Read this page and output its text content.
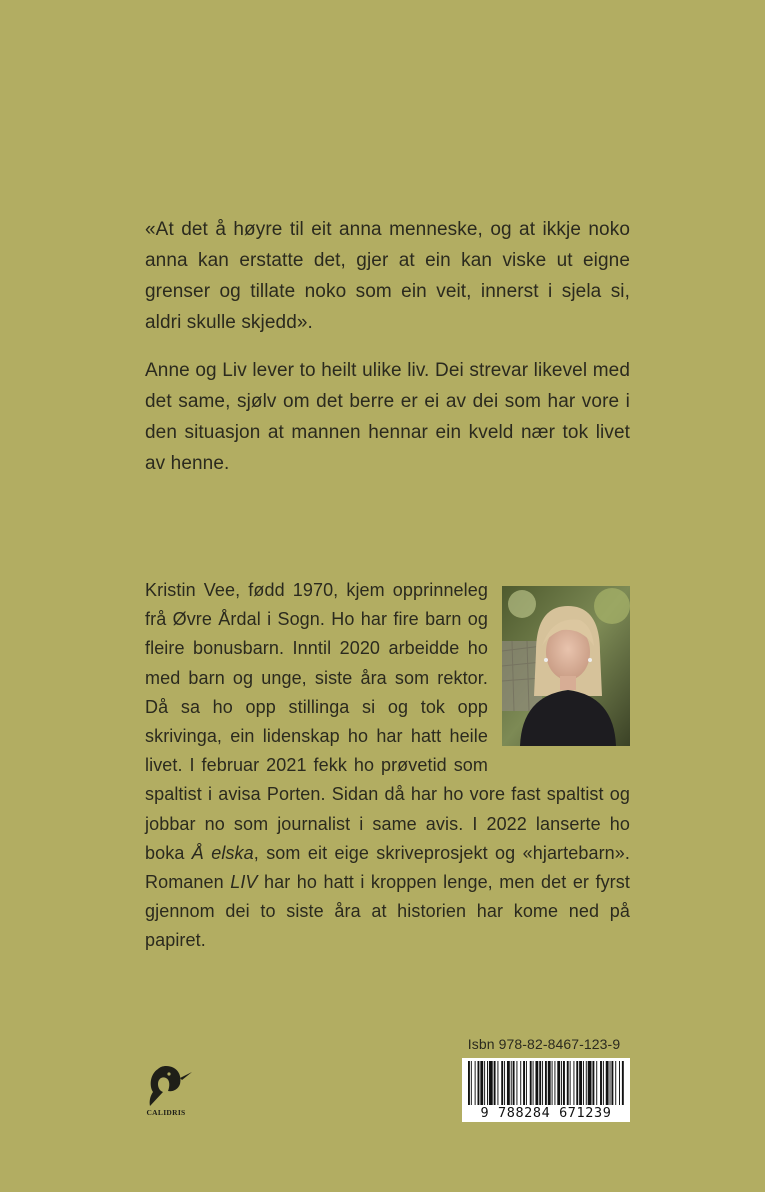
«At det å høyre til eit anna menneske, og at ikkje noko anna kan erstatte det, gjer at ein kan viske ut eigne grenser og tillate noko som ein veit, innerst i sjela si, aldri skulle skjedd».

Anne og Liv lever to heilt ulike liv. Dei strevar likevel med det same, sjølv om det berre er ei av dei som har vore i den situasjon at mannen hennar ein kveld nær tok livet av henne.

Kristin Vee, fødd 1970, kjem opprinneleg frå Øvre Årdal i Sogn. Ho har fire barn og fleire bonusbarn. Inntil 2020 arbeidde ho med barn og unge, siste åra som rektor. Då sa ho opp stillinga si og tok opp skrivinga, ein lidenskap ho har hatt heile livet. I februar 2021 fekk ho prøvetid som spaltist i avisa Porten. Sidan då har ho vore fast spaltist og jobbar no som journalist i same avis. I 2022 lanserte ho boka Å elska, som eit eige skriveprosjekt og «hjartebarn». Romanen LIV har ho hatt i kroppen lenge, men det er fyrst gjennom dei to siste åra at historien har kome ned på papiret.

CALIDRIS
Isbn 978-82-8467-123-9
9 788284 671239
